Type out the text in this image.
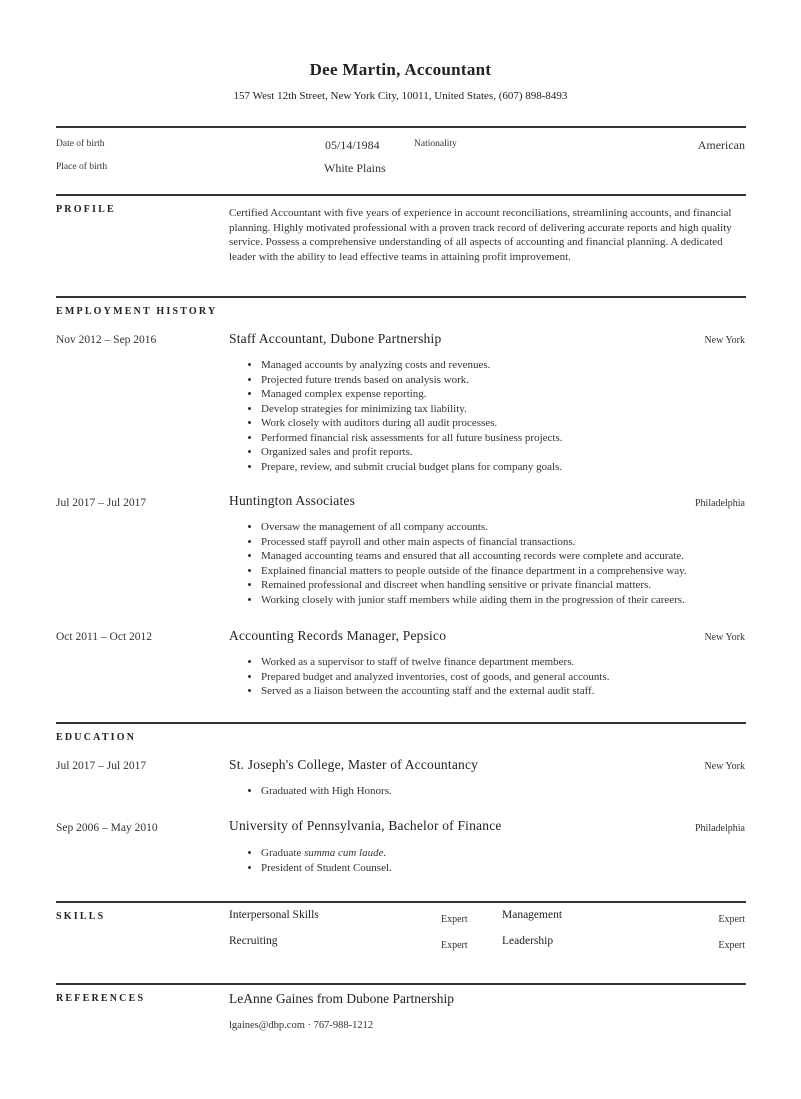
Dee Martin, Accountant
157 West 12th Street, New York City, 10011, United States, (607) 898-8493
Date of birth	05/14/1984	Nationality	American
Place of birth	White Plains
PROFILE	Certified Accountant with five years of experience in account reconciliations, streamlining accounts, and financial planning. Highly motivated professional with a proven track record of delivering accurate reports and high quality service. Possess a comprehensive understanding of all aspects of accounting and financial planning. A dedicated leader with the ability to lead effective teams in attaining profit improvement.
EMPLOYMENT HISTORY
Nov 2012 – Sep 2016	Staff Accountant, Dubone Partnership	New York
• Managed accounts by analyzing costs and revenues.
• Projected future trends based on analysis work.
• Managed complex expense reporting.
• Develop strategies for minimizing tax liability.
• Work closely with auditors during all audit processes.
• Performed financial risk assessments for all future business projects.
• Organized sales and profit reports.
• Prepare, review, and submit crucial budget plans for company goals.
Jul 2017 – Jul 2017	Huntington Associates	Philadelphia
• Oversaw the management of all company accounts.
• Processed staff payroll and other main aspects of financial transactions.
• Managed accounting teams and ensured that all accounting records were complete and accurate.
• Explained financial matters to people outside of the finance department in a comprehensive way.
• Remained professional and discreet when handling sensitive or private financial matters.
• Working closely with junior staff members while aiding them in the progression of their careers.
Oct 2011 – Oct 2012	Accounting Records Manager, Pepsico	New York
• Worked as a supervisor to staff of twelve finance department members.
• Prepared budget and analyzed inventories, cost of goods, and general accounts.
• Served as a liaison between the accounting staff and the external audit staff.
EDUCATION
Jul 2017 – Jul 2017	St. Joseph's College, Master of Accountancy	New York
• Graduated with High Honors.
Sep 2006 – May 2010	University of Pennsylvania, Bachelor of Finance	Philadelphia
• Graduate summa cum laude.
• President of Student Counsel.
SKILLS	Interpersonal Skills	Expert	Management	Expert
Recruiting	Expert	Leadership	Expert
REFERENCES	LeAnne Gaines from Dubone Partnership
lgaines@dbp.com · 767-988-1212
